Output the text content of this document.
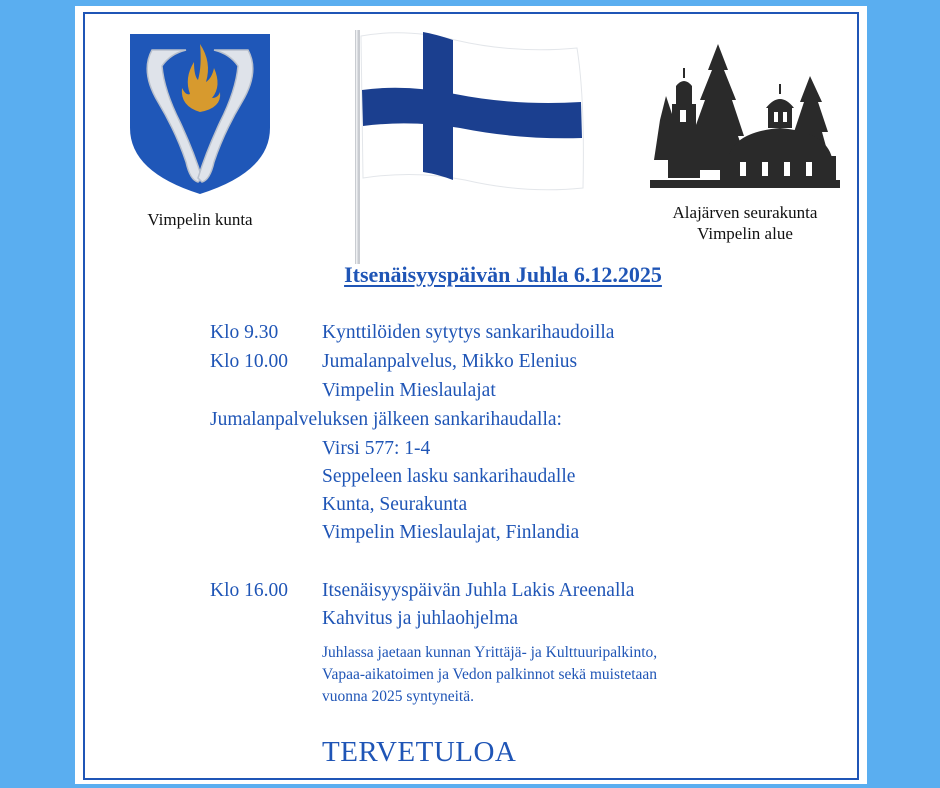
Vimpelin kunta	Alajärven seurakunta
Vimpelin alue
Itsenäisyyspäivän Juhla 6.12.2025
Klo 9.30 Kynttilöiden sytytys sankarihaudoilla
Klo 10.00 Jumalanpalvelus, Mikko Elenius
Vimpelin Mieslaulajat
Jumalanpalveluksen jälkeen sankarihaudalla:
Virsi 577: 1-4
Seppeleen lasku sankarihaudalle
Kunta, Seurakunta
Vimpelin Mieslaulajat, Finlandia
Klo 16.00 Itsenäisyyspäivän Juhla Lakis Areenalla
Kahvitus ja juhlaohjelma
Juhlassa jaetaan kunnan Yrittäjä- ja Kulttuuripalkinto,
Vapaa-aikatoimen ja Vedon palkinnot sekä muistetaan
vuonna 2025 syntyneitä.
TERVETULOA
